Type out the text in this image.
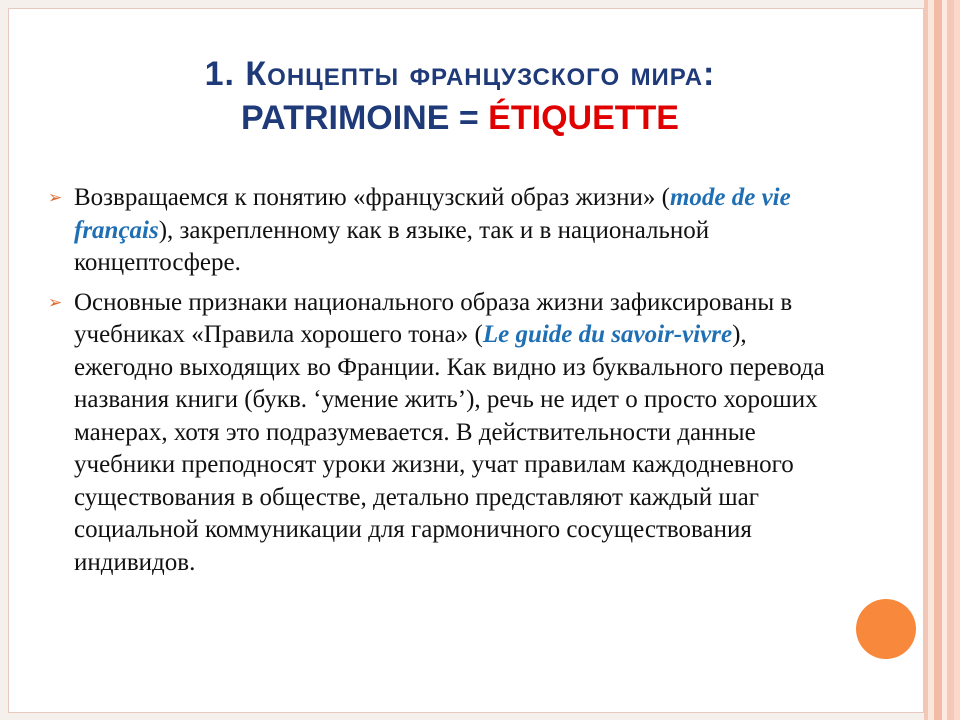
1. Концепты французского мира:
PATRIMOINE = ÉTIQUETTE
➢ Возвращаемся к понятию «французский образ жизни» (mode de vie français), закрепленному как в языке, так и в национальной концептосфере.
➢ Основные признаки национального образа жизни зафиксированы в учебниках «Правила хорошего тона» (Le guide du savoir-vivre), ежегодно выходящих во Франции. Как видно из буквального перевода названия книги (букв. ‘умение жить’), речь не идет о просто хороших манерах, хотя это подразумевается. В действительности данные учебники преподносят уроки жизни, учат правилам каждодневного существования в обществе, детально представляют каждый шаг социальной коммуникации для гармоничного сосуществования индивидов.
